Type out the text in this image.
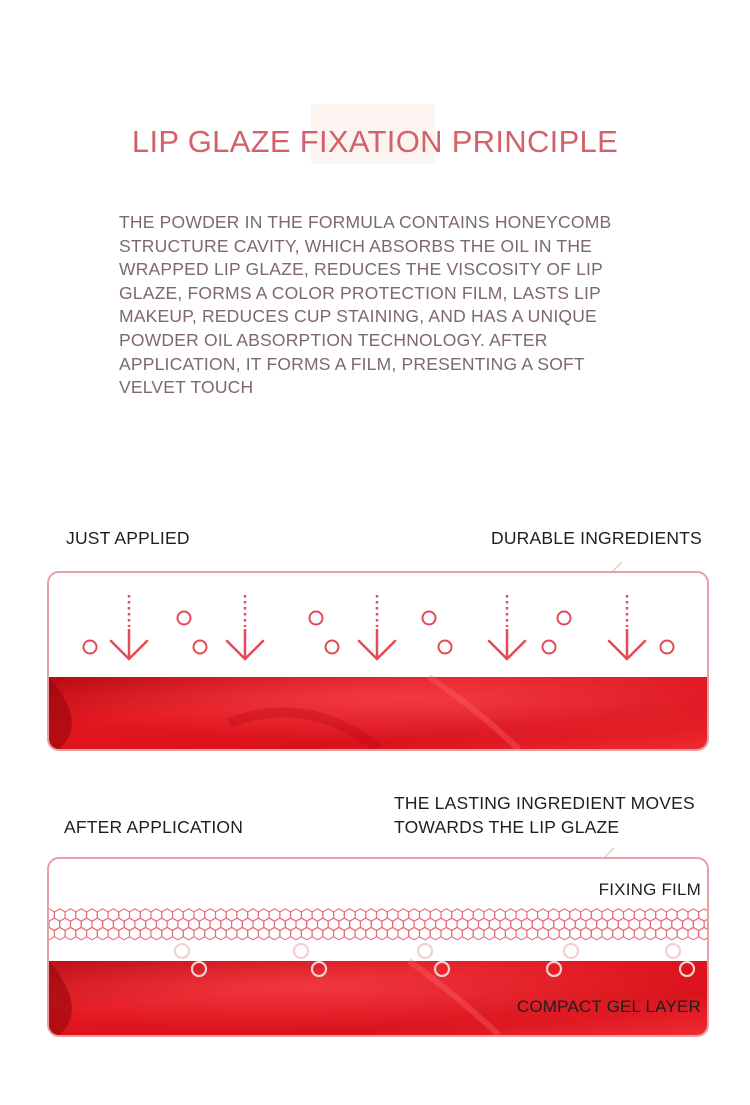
LIP GLAZE FIXATION PRINCIPLE

THE POWDER IN THE FORMULA CONTAINS HONEYCOMB
STRUCTURE CAVITY, WHICH ABSORBS THE OIL IN THE
WRAPPED LIP GLAZE, REDUCES THE VISCOSITY OF LIP
GLAZE, FORMS A COLOR PROTECTION FILM, LASTS LIP
MAKEUP, REDUCES CUP STAINING, AND HAS A UNIQUE
POWDER OIL ABSORPTION TECHNOLOGY. AFTER
APPLICATION, IT FORMS A FILM, PRESENTING A SOFT
VELVET TOUCH

JUST APPLIED	DURABLE INGREDIENTS
AFTER APPLICATION
THE LASTING INGREDIENT MOVES
TOWARDS THE LIP GLAZE
FIXING FILM
COMPACT GEL LAYER
